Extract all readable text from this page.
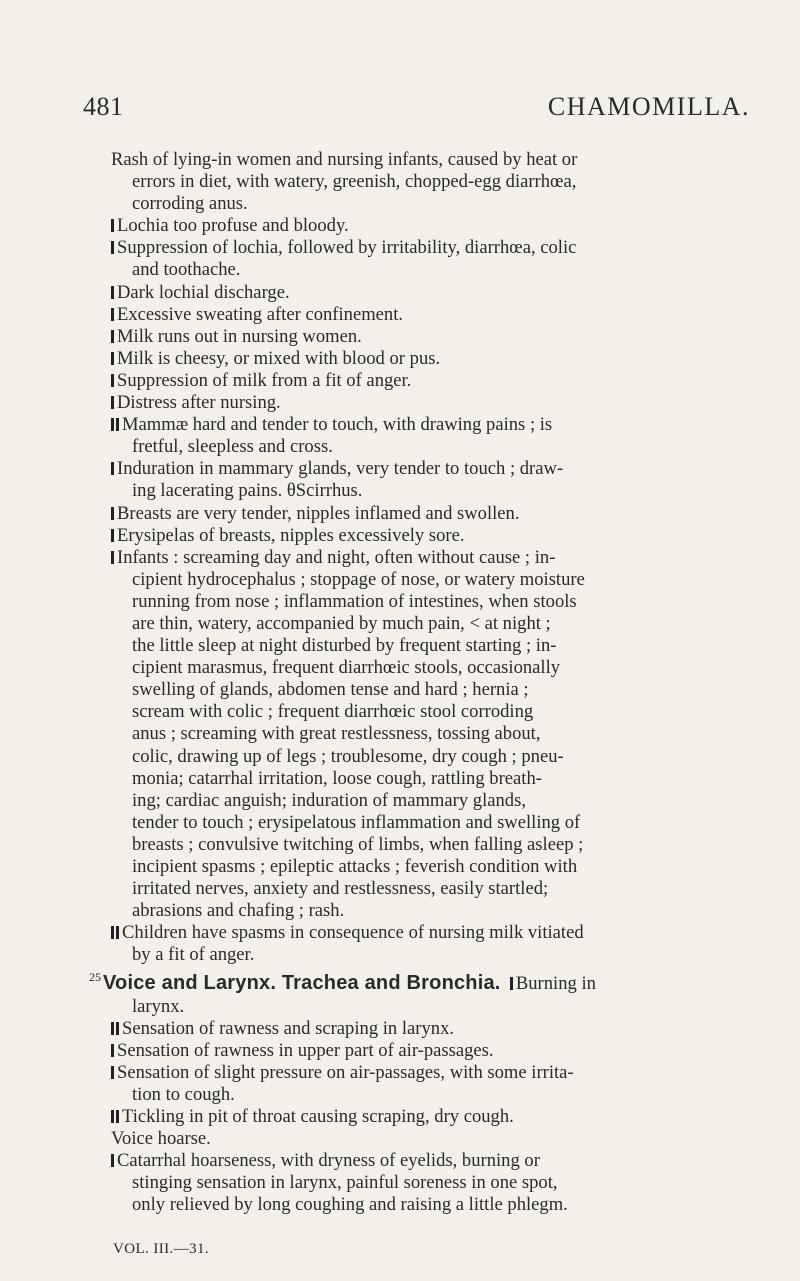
481	CHAMOMILLA.

Rash of lying-in women and nursing infants, caused by heat or
errors in diet, with watery, greenish, chopped-egg diarrhœa,
corroding anus.

Lochia too profuse and bloody.

Suppression of lochia, followed by irritability, diarrhœa, colic
and toothache.

Dark lochial discharge.

Excessive sweating after confinement.

Milk runs out in nursing women.

Milk is cheesy, or mixed with blood or pus.

Suppression of milk from a fit of anger.

Distress after nursing.

Mammæ hard and tender to touch, with drawing pains ; is
fretful, sleepless and cross.

Induration in mammary glands, very tender to touch ; draw-
ing lacerating pains. θScirrhus.

Breasts are very tender, nipples inflamed and swollen.

Erysipelas of breasts, nipples excessively sore.

Infants : screaming day and night, often without cause ; in-
cipient hydrocephalus ; stoppage of nose, or watery moisture
running from nose ; inflammation of intestines, when stools
are thin, watery, accompanied by much pain, < at night ;
the little sleep at night disturbed by frequent starting ; in-
cipient marasmus, frequent diarrhœic stools, occasionally
swelling of glands, abdomen tense and hard ; hernia ;
scream with colic ; frequent diarrhœic stool corroding
anus ; screaming with great restlessness, tossing about,
colic, drawing up of legs ; troublesome, dry cough ; pneu-
monia; catarrhal irritation, loose cough, rattling breath-
ing; cardiac anguish; induration of mammary glands,
tender to touch ; erysipelatous inflammation and swelling of
breasts ; convulsive twitching of limbs, when falling asleep ;
incipient spasms ; epileptic attacks ; feverish condition with
irritated nerves, anxiety and restlessness, easily startled;
abrasions and chafing ; rash.

Children have spasms in consequence of nursing milk vitiated
by a fit of anger.

$^{25}$ Voice and Larynx. Trachea and Bronchia. Burning in
larynx.

Sensation of rawness and scraping in larynx.

Sensation of rawness in upper part of air-passages.

Sensation of slight pressure on air-passages, with some irrita-
tion to cough.

Tickling in pit of throat causing scraping, dry cough.

Voice hoarse.

Catarrhal hoarseness, with dryness of eyelids, burning or
stinging sensation in larynx, painful soreness in one spot,
only relieved by long coughing and raising a little phlegm.

VOL. III.—31.
